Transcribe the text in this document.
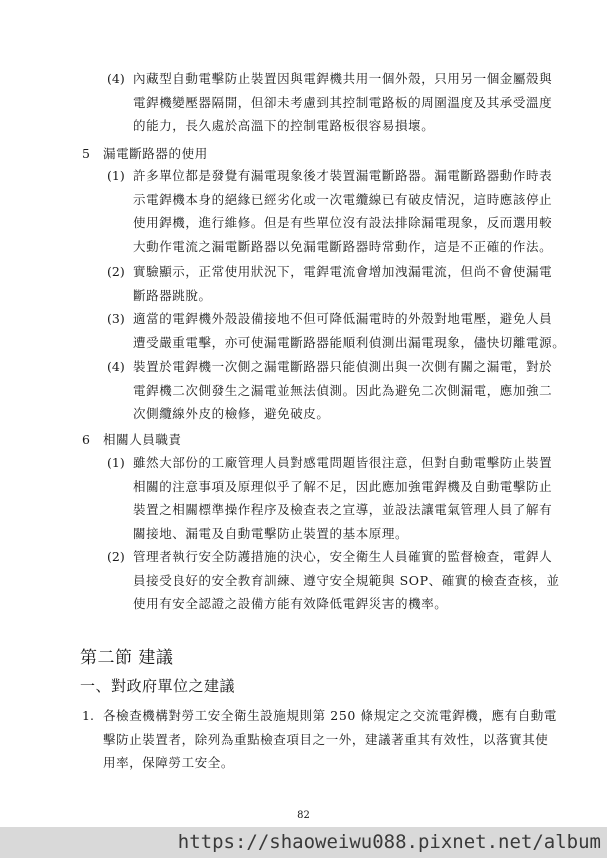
(4) 內藏型自動電擊防止裝置因與電銲機共用一個外殼，只用另一個金屬殼與
電銲機變壓器隔開，但卻未考慮到其控制電路板的周圍溫度及其承受溫度
的能力，長久處於高溫下的控制電路板很容易損壞。
5 漏電斷路器的使用
(1) 許多單位都是發覺有漏電現象後才裝置漏電斷路器。漏電斷路器動作時表
示電銲機本身的絕緣已經劣化或一次電纜線已有破皮情況，這時應該停止
使用銲機，進行維修。但是有些單位沒有設法排除漏電現象，反而選用較
大動作電流之漏電斷路器以免漏電斷路器時常動作，這是不正確的作法。
(2) 實驗顯示，正常使用狀況下，電銲電流會增加洩漏電流，但尚不會使漏電
斷路器跳脫。
(3) 適當的電銲機外殼設備接地不但可降低漏電時的外殼對地電壓，避免人員
遭受嚴重電擊，亦可使漏電斷路器能順利偵測出漏電現象，儘快切離電源。
(4) 裝置於電銲機一次側之漏電斷路器只能偵測出與一次側有關之漏電，對於
電銲機二次側發生之漏電並無法偵測。因此為避免二次側漏電，應加強二
次側纜線外皮的檢修，避免破皮。
6 相關人員職責
(1) 雖然大部份的工廠管理人員對感電問題皆很注意，但對自動電擊防止裝置
相關的注意事項及原理似乎了解不足，因此應加強電銲機及自動電擊防止
裝置之相關標準操作程序及檢查表之宣導，並設法讓電氣管理人員了解有
關接地、漏電及自動電擊防止裝置的基本原理。
(2) 管理者執行安全防護措施的決心，安全衛生人員確實的監督檢查，電銲人
員接受良好的安全教育訓練、遵守安全規範與 SOP、確實的檢查查核，並
使用有安全認證之設備方能有效降低電銲災害的機率。
第二節 建議
一、對政府單位之建議
1. 各檢查機構對勞工安全衛生設施規則第 250 條規定之交流電銲機，應有自動電
擊防止裝置者，除列為重點檢查項目之一外，建議著重其有效性，以落實其使
用率，保障勞工安全。
82
https://shaoweiwu088.pixnet.net/album
